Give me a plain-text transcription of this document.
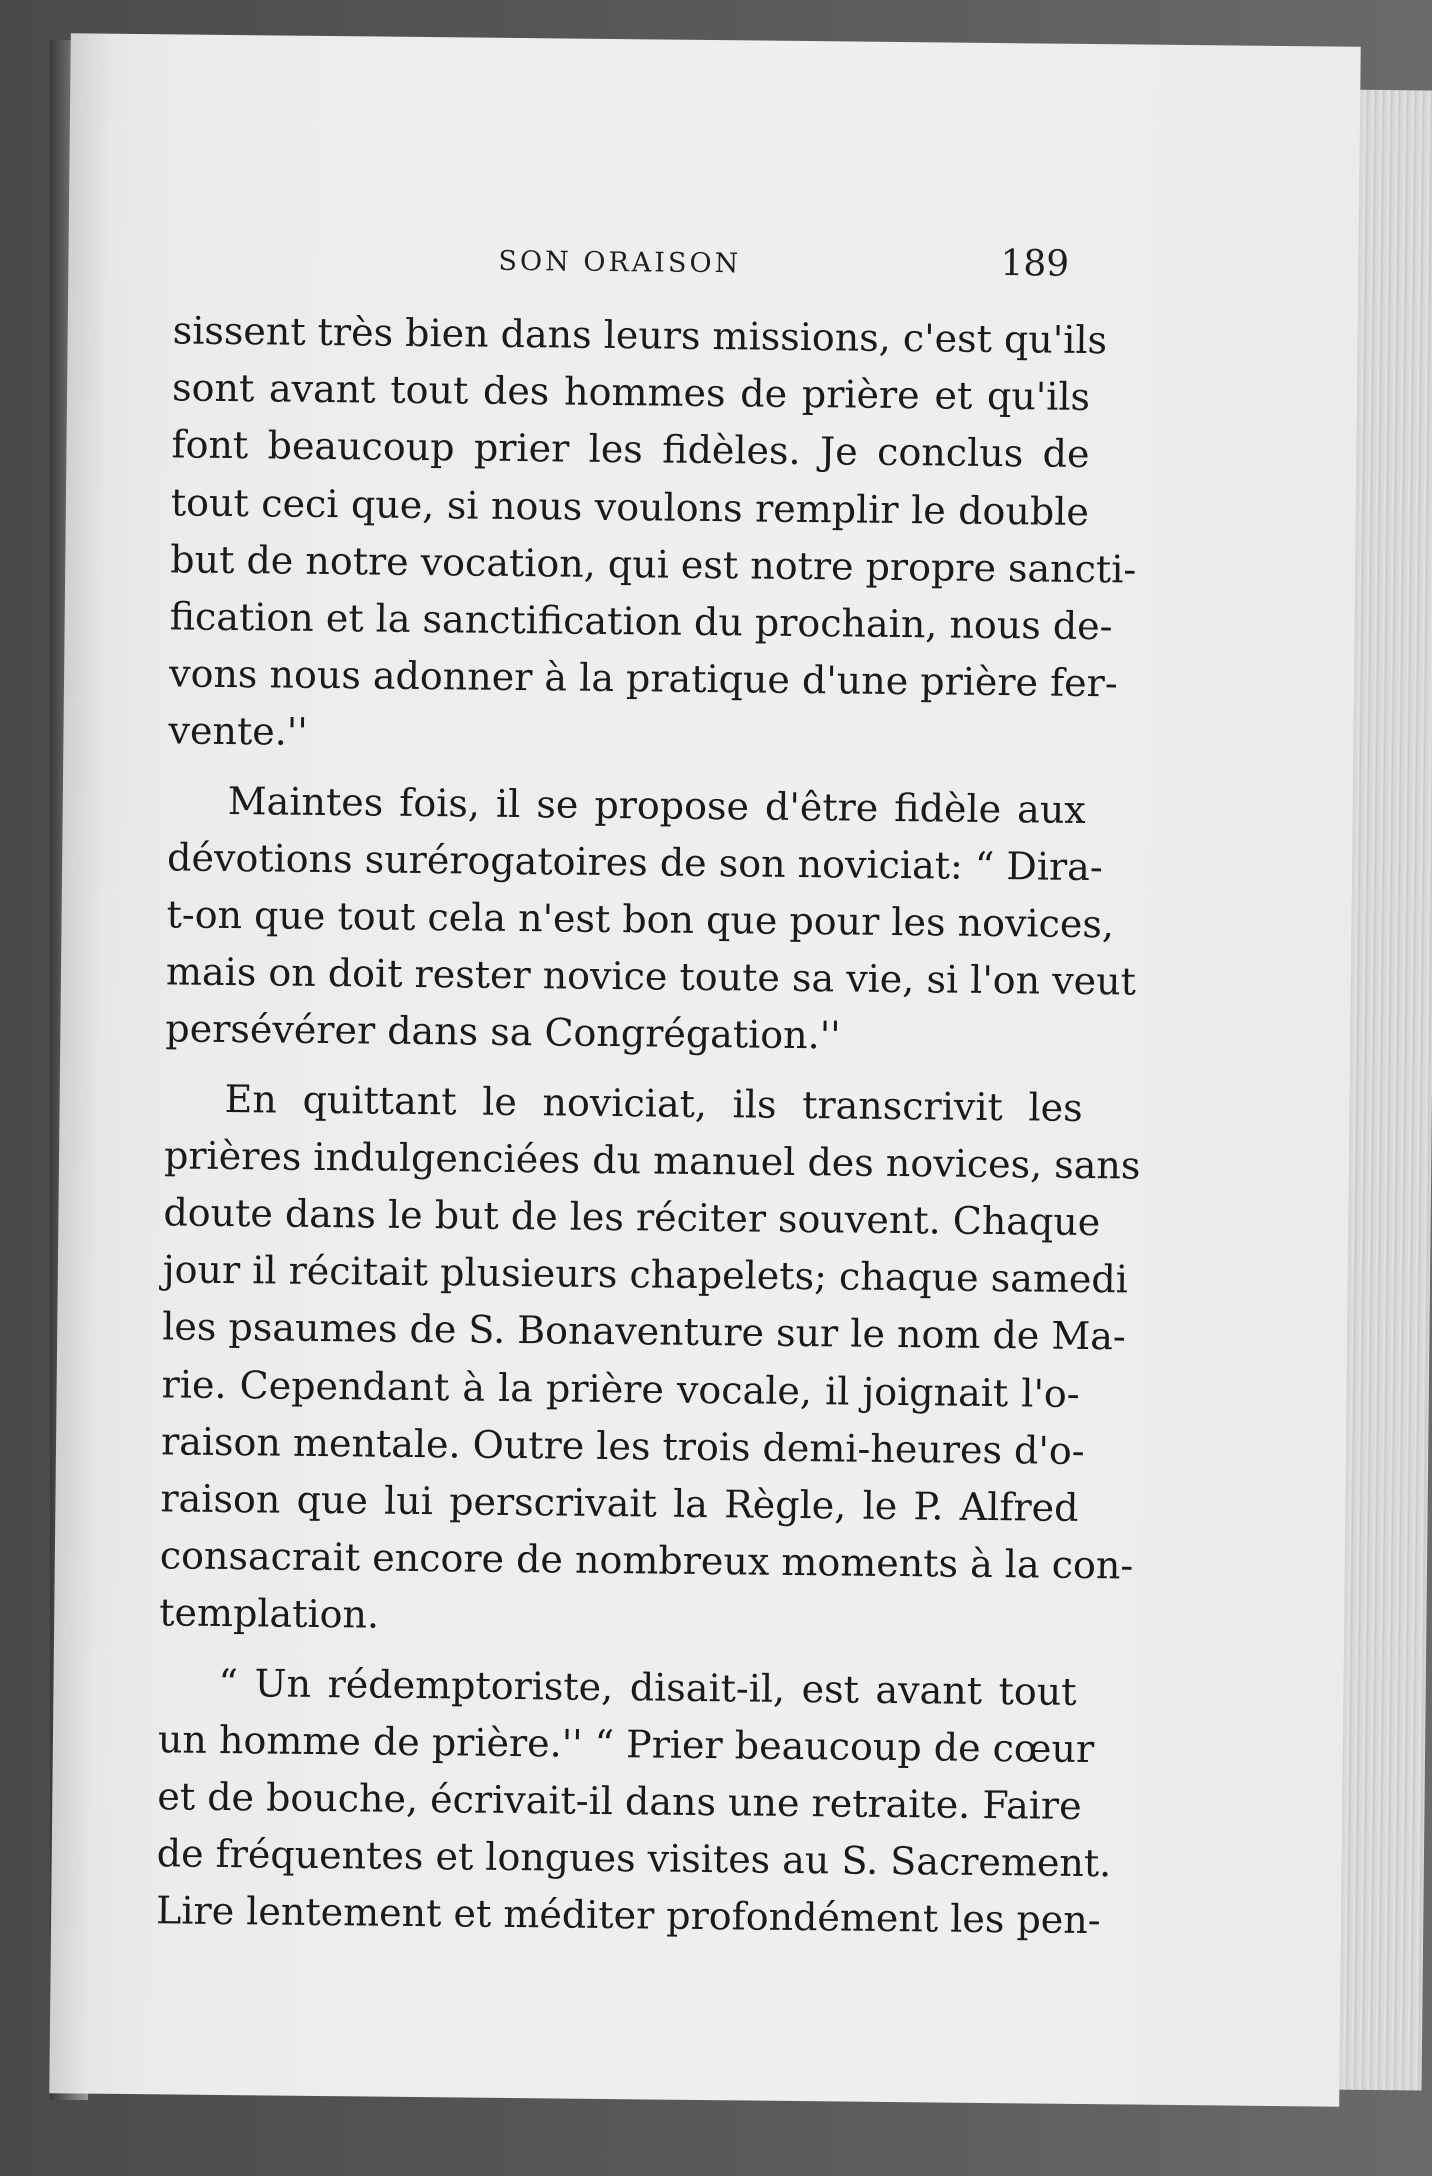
SON ORAISON	189
sissent très bien dans leurs missions, c'est qu'ils
sont avant tout des hommes de prière et qu'ils
font beaucoup prier les fidèles. Je conclus de
tout ceci que, si nous voulons remplir le double
but de notre vocation, qui est notre propre sancti-
fication et la sanctification du prochain, nous de-
vons nous adonner à la pratique d'une prière fer-
vente.''
Maintes fois, il se propose d'être fidèle aux
dévotions surérogatoires de son noviciat: “ Dira-
t-on que tout cela n'est bon que pour les novices,
mais on doit rester novice toute sa vie, si l'on veut
persévérer dans sa Congrégation.''
En quittant le noviciat, ils transcrivit les
prières indulgenciées du manuel des novices, sans
doute dans le but de les réciter souvent. Chaque
jour il récitait plusieurs chapelets; chaque samedi
les psaumes de S. Bonaventure sur le nom de Ma-
rie. Cependant à la prière vocale, il joignait l'o-
raison mentale. Outre les trois demi-heures d'o-
raison que lui perscrivait la Règle, le P. Alfred
consacrait encore de nombreux moments à la con-
templation.
“ Un rédemptoriste, disait-il, est avant tout
un homme de prière.'' “ Prier beaucoup de cœur
et de bouche, écrivait-il dans une retraite. Faire
de fréquentes et longues visites au S. Sacrement.
Lire lentement et méditer profondément les pen-
